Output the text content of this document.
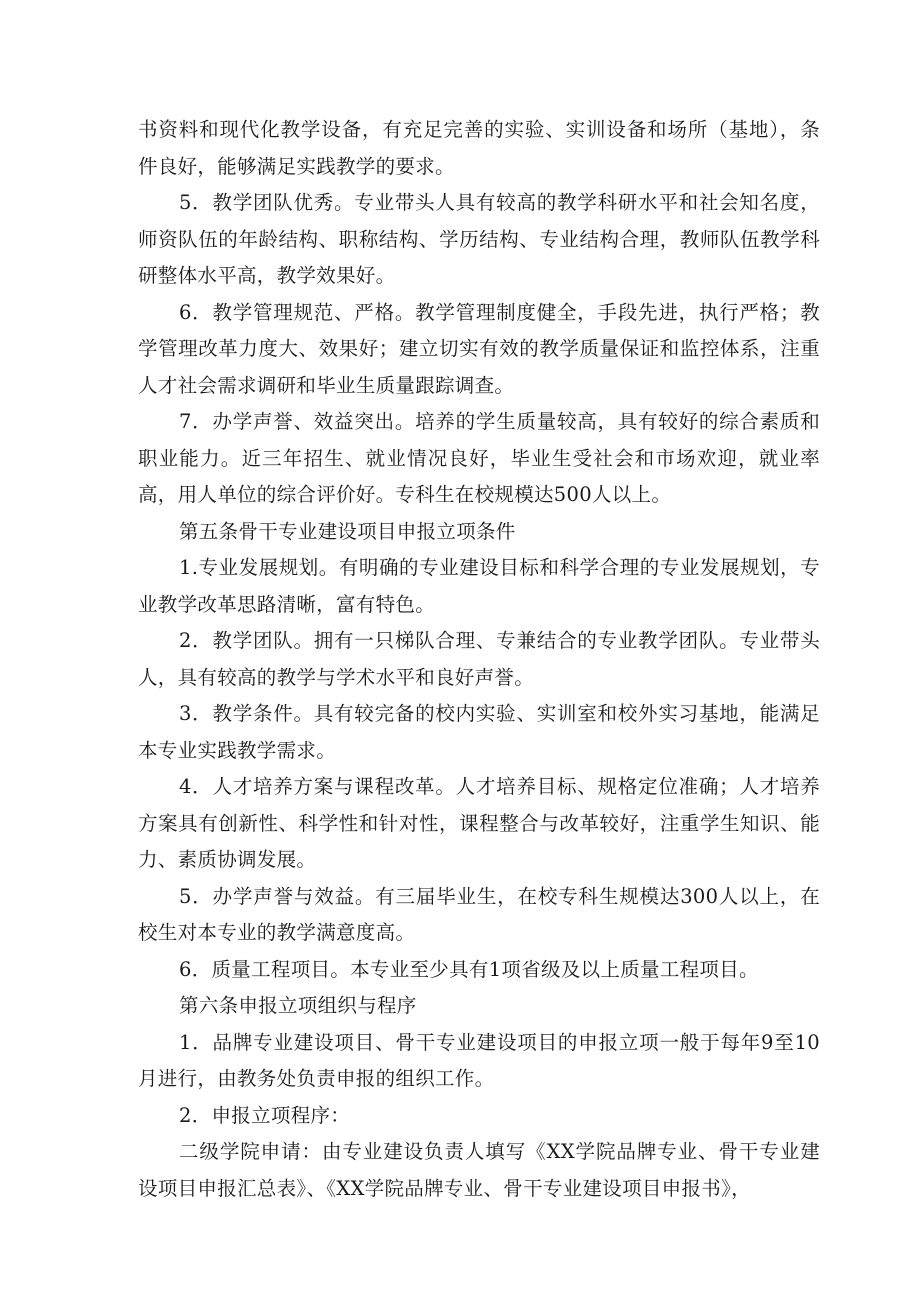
书资料和现代化教学设备，有充足完善的实验、实训设备和场所（基地），条件良好，能够满足实践教学的要求。

5．教学团队优秀。专业带头人具有较高的教学科研水平和社会知名度，师资队伍的年龄结构、职称结构、学历结构、专业结构合理，教师队伍教学科研整体水平高，教学效果好。

6．教学管理规范、严格。教学管理制度健全，手段先进，执行严格；教学管理改革力度大、效果好；建立切实有效的教学质量保证和监控体系，注重人才社会需求调研和毕业生质量跟踪调查。

7．办学声誉、效益突出。培养的学生质量较高，具有较好的综合素质和职业能力。近三年招生、就业情况良好，毕业生受社会和市场欢迎，就业率高，用人单位的综合评价好。专科生在校规模达500人以上。

第五条骨干专业建设项目申报立项条件

1.专业发展规划。有明确的专业建设目标和科学合理的专业发展规划，专业教学改革思路清晰，富有特色。

2．教学团队。拥有一只梯队合理、专兼结合的专业教学团队。专业带头人，具有较高的教学与学术水平和良好声誉。

3．教学条件。具有较完备的校内实验、实训室和校外实习基地，能满足本专业实践教学需求。

4．人才培养方案与课程改革。人才培养目标、规格定位准确；人才培养方案具有创新性、科学性和针对性，课程整合与改革较好，注重学生知识、能力、素质协调发展。

5．办学声誉与效益。有三届毕业生，在校专科生规模达300人以上，在校生对本专业的教学满意度高。

6．质量工程项目。本专业至少具有1项省级及以上质量工程项目。

第六条申报立项组织与程序

1．品牌专业建设项目、骨干专业建设项目的申报立项一般于每年9至10月进行，由教务处负责申报的组织工作。

2．申报立项程序：

二级学院申请：由专业建设负责人填写《XX学院品牌专业、骨干专业建设项目申报汇总表》、《XX学院品牌专业、骨干专业建设项目申报书》，
